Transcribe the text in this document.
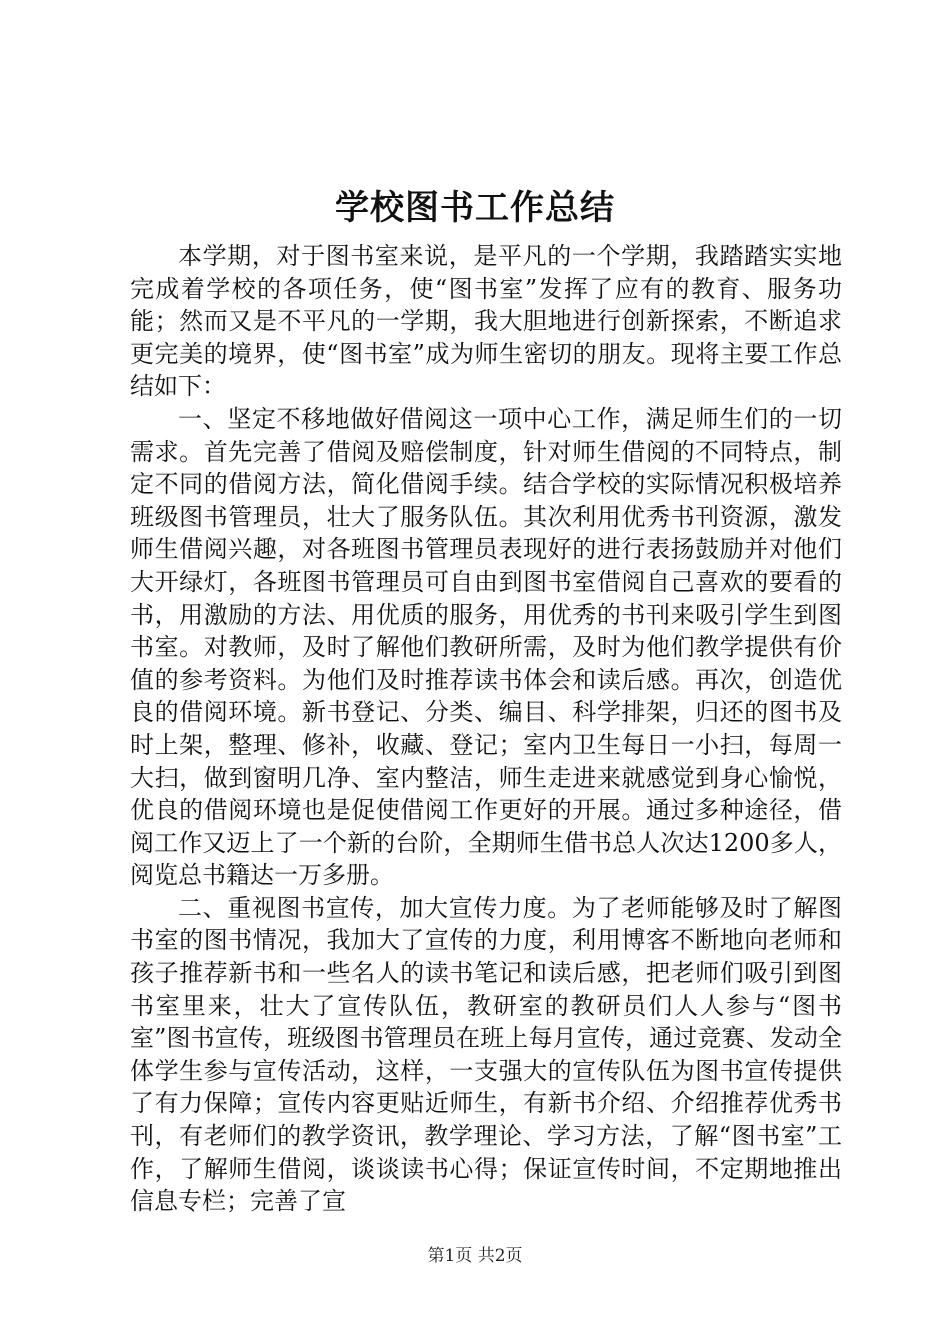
学校图书工作总结

本学期，对于图书室来说，是平凡的一个学期，我踏踏实实地完成着学校的各项任务，使“图书室”发挥了应有的教育、服务功能；然而又是不平凡的一学期，我大胆地进行创新探索，不断追求更完美的境界，使“图书室”成为师生密切的朋友。现将主要工作总结如下：

一、坚定不移地做好借阅这一项中心工作，满足师生们的一切需求。首先完善了借阅及赔偿制度，针对师生借阅的不同特点，制定不同的借阅方法，简化借阅手续。结合学校的实际情况积极培养班级图书管理员，壮大了服务队伍。其次利用优秀书刊资源，激发师生借阅兴趣，对各班图书管理员表现好的进行表扬鼓励并对他们大开绿灯，各班图书管理员可自由到图书室借阅自己喜欢的要看的书，用激励的方法、用优质的服务，用优秀的书刊来吸引学生到图书室。对教师，及时了解他们教研所需，及时为他们教学提供有价值的参考资料。为他们及时推荐读书体会和读后感。再次，创造优良的借阅环境。新书登记、分类、编目、科学排架，归还的图书及时上架，整理、修补，收藏、登记；室内卫生每日一小扫，每周一大扫，做到窗明几净、室内整洁，师生走进来就感觉到身心愉悦，优良的借阅环境也是促使借阅工作更好的开展。通过多种途径，借阅工作又迈上了一个新的台阶，全期师生借书总人次达1200多人，阅览总书籍达一万多册。

二、重视图书宣传，加大宣传力度。为了老师能够及时了解图书室的图书情况，我加大了宣传的力度，利用博客不断地向老师和孩子推荐新书和一些名人的读书笔记和读后感，把老师们吸引到图书室里来，壮大了宣传队伍，教研室的教研员们人人参与“图书室”图书宣传，班级图书管理员在班上每月宣传，通过竞赛、发动全体学生参与宣传活动，这样，一支强大的宣传队伍为图书宣传提供了有力保障；宣传内容更贴近师生，有新书介绍、介绍推荐优秀书刊，有老师们的教学资讯，教学理论、学习方法，了解“图书室”工作，了解师生借阅，谈谈读书心得；保证宣传时间，不定期地推出信息专栏；完善了宣

第1页 共2页
